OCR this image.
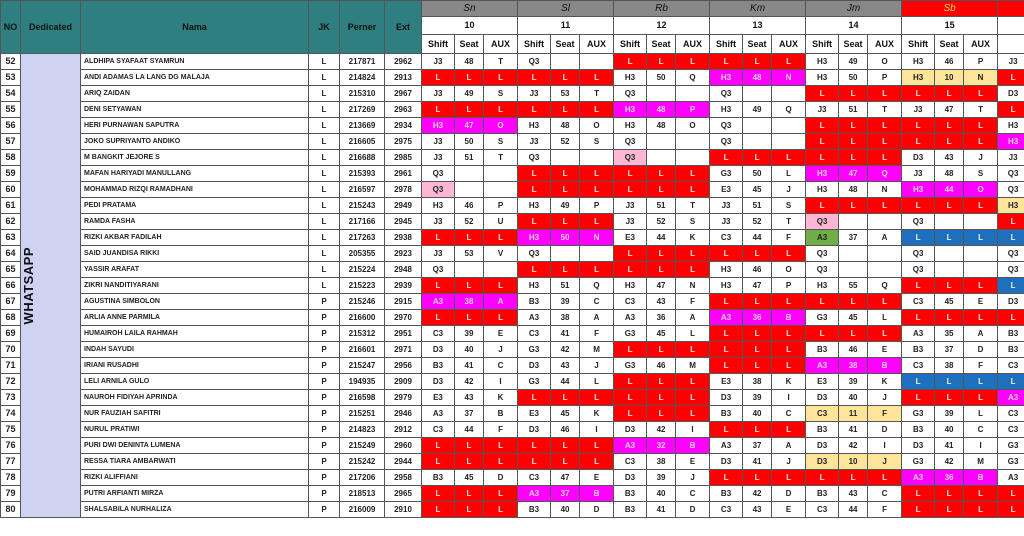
NO	Dedicated	Nama	JK	Perner	Ext	Sn			Sl			Rb			Km			Jm			Sb			
						10			11			12			13			14			15			
						Shift	Seat	AUX	Shift	Seat	AUX	Shift	Seat	AUX	Shift	Seat	AUX	Shift	Seat	AUX	Shift	Seat	AUX	
52	WHATSAPP	ALDHIPA SYAFAAT SYAMRUN	L	217871	2962	J3	48	T	Q3			L	L	L	L	L	L	H3	49	O	H3	46	P	J3
53		ANDI ADAMAS LA LANG DG MALAJA	L	214824	2913	L	L	L	L	L	L	H3	50	Q	H3	48	N	H3	50	P	H3	10	N	L
54		ARIQ ZAIDAN	L	215310	2967	J3	49	S	J3	53	T	Q3			Q3			L	L	L	L	L	L	D3
55		DENI SETYAWAN	L	217269	2963	L	L	L	L	L	L	H3	48	P	H3	49	Q	J3	51	T	J3	47	T	L
56		HERI PURNAWAN SAPUTRA	L	213669	2934	H3	47	O	H3	48	O	H3	48	O	Q3			L	L	L	L	L	L	H3
57		JOKO SUPRIYANTO ANDIKO	L	216605	2975	J3	50	S	J3	52	S	Q3			Q3			L	L	L	L	L	L	H3
58		M BANGKIT JEJORE S	L	216688	2985	J3	51	T	Q3			Q3			L	L	L	L	L	L	D3	43	J	J3
59		MAFAN HARIYADI MANULLANG	L	215393	2961	Q3			L	L	L	L	L	L	G3	50	L	H3	47	Q	J3	48	S	Q3
60		MOHAMMAD RIZQI RAMADHANI	L	216597	2978	Q3			L	L	L	L	L	L	E3	45	J	H3	48	N	H3	44	O	Q3
61		PEDI PRATAMA	L	215243	2949	H3	46	P	H3	49	P	J3	51	T	J3	51	S	L	L	L	L	L	L	H3
62		RAMDA FASHA	L	217166	2945	J3	52	U	L	L	L	J3	52	S	J3	52	T	Q3			Q3			L
63		RIZKI AKBAR FADILAH	L	217263	2938	L	L	L	H3	50	N	E3	44	K	C3	44	F	A3	37	A	L	L	L	L
64		SAID JUANDISA RIKKI	L	205355	2923	J3	53	V	Q3			L	L	L	L	L	L	Q3			Q3			Q3
65		YASSIR ARAFAT	L	215224	2948	Q3			L	L	L	L	L	L	H3	46	O	Q3			Q3			Q3
66		ZIKRI NANDITIYARANI	L	215223	2939	L	L	L	H3	51	Q	H3	47	N	H3	47	P	H3	55	Q	L	L	L	L
67		AGUSTINA SIMBOLON	P	215246	2915	A3	38	A	B3	39	C	C3	43	F	L	L	L	L	L	L	C3	45	E	D3
68		ARLIA ANNE PARMILA	P	216600	2970	L	L	L	A3	38	A	A3	36	A	A3	36	B	G3	45	L	L	L	L	L
69		HUMAIROH LAILA RAHMAH	P	215312	2951	C3	39	E	C3	41	F	G3	45	L	L	L	L	L	L	L	A3	35	A	B3
70		INDAH SAYUDI	P	216601	2971	D3	40	J	G3	42	M	L	L	L	L	L	L	B3	46	E	B3	37	D	B3
71		IRIANI RUSADHI	P	215247	2956	B3	41	C	D3	43	J	G3	46	M	L	L	L	A3	38	B	C3	38	F	C3
72		LELI ARNILA GULO	P	194935	2909	D3	42	I	G3	44	L	L	L	L	E3	38	K	E3	39	K	L	L	L	L
73		NAUROH FIDIYAH APRINDA	P	216598	2979	E3	43	K	L	L	L	L	L	L	D3	39	I	D3	40	J	L	L	L	A3
74		NUR FAUZIAH SAFITRI	P	215251	2946	A3	37	B	E3	45	K	L	L	L	B3	40	C	C3	11	F	G3	39	L	C3
75		NURUL PRATIWI	P	214823	2912	C3	44	F	D3	46	I	D3	42	I	L	L	L	B3	41	D	B3	40	C	C3
76		PURI DWI DENINTA LUMENA	P	215249	2960	L	L	L	L	L	L	A3	32	B	A3	37	A	D3	42	I	D3	41	I	G3
77		RESSA TIARA AMBARWATI	P	215242	2944	L	L	L	L	L	L	C3	38	E	D3	41	J	D3	10	J	G3	42	M	G3
78		RIZKI ALIFFIANI	P	217206	2958	B3	45	D	C3	47	E	D3	39	J	L	L	L	L	L	L	A3	36	B	A3
79		PUTRI ARFIANTI MIRZA	P	218513	2965	L	L	L	A3	37	B	B3	40	C	B3	42	D	B3	43	C	L	L	L	L
80		SHALSABILA NURHALIZA	P	216009	2910	L	L	L	B3	40	D	B3	41	D	C3	43	E	C3	44	F	L	L	L	L
